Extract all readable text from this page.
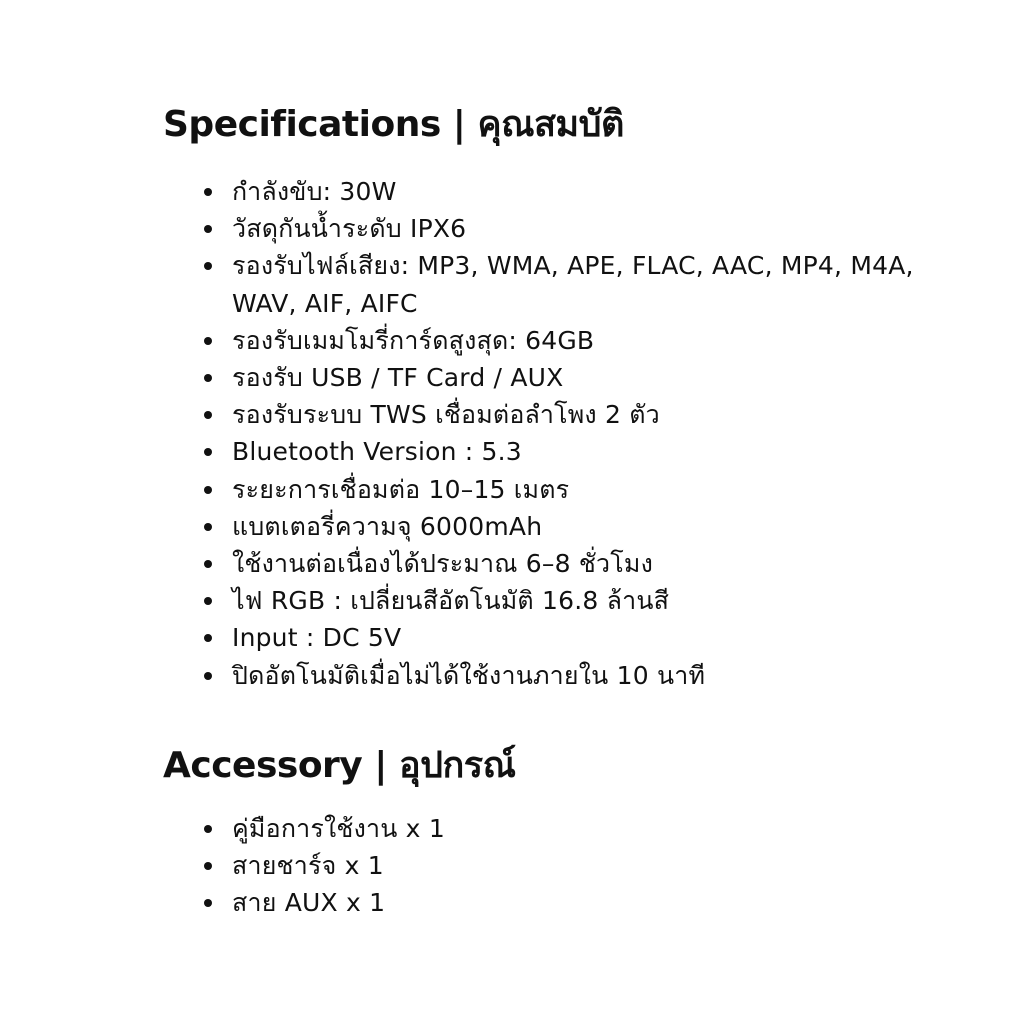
Specifications | คุณสมบัติ
กำลังขับ: 30W
วัสดุกันน้ำระดับ IPX6
รองรับไฟล์เสียง: MP3, WMA, APE, FLAC, AAC, MP4, M4A, WAV, AIF, AIFC
รองรับเมมโมรี่การ์ดสูงสุด: 64GB
รองรับ USB / TF Card / AUX
รองรับระบบ TWS เชื่อมต่อลำโพง 2 ตัว
Bluetooth Version : 5.3
ระยะการเชื่อมต่อ 10–15 เมตร
แบตเตอรี่ความจุ 6000mAh
ใช้งานต่อเนื่องได้ประมาณ 6–8 ชั่วโมง
ไฟ RGB : เปลี่ยนสีอัตโนมัติ 16.8 ล้านสี
Input : DC 5V
ปิดอัตโนมัติเมื่อไม่ได้ใช้งานภายใน 10 นาที
Accessory | อุปกรณ์
คู่มือการใช้งาน x 1
สายชาร์จ x 1
สาย AUX x 1
